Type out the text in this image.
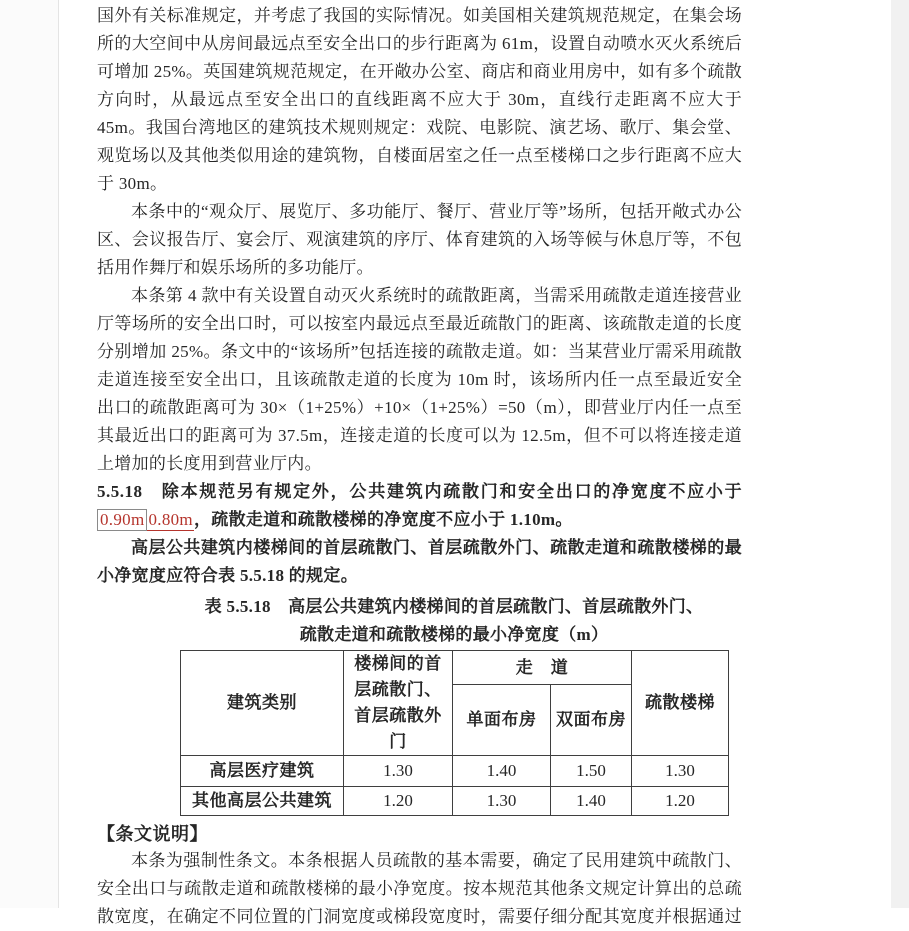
国外有关标准规定，并考虑了我国的实际情况。如美国相关建筑规范规定，在集会场所的大空间中从房间最远点至安全出口的步行距离为 61m，设置自动喷水灭火系统后可增加 25%。英国建筑规范规定，在开敞办公室、商店和商业用房中，如有多个疏散方向时，从最远点至安全出口的直线距离不应大于 30m，直线行走距离不应大于 45m。我国台湾地区的建筑技术规则规定：戏院、电影院、演艺场、歌厅、集会堂、观览场以及其他类似用途的建筑物，自楼面居室之任一点至楼梯口之步行距离不应大于 30m。

本条中的“观众厅、展览厅、多功能厅、餐厅、营业厅等”场所，包括开敞式办公区、会议报告厅、宴会厅、观演建筑的序厅、体育建筑的入场等候与休息厅等，不包括用作舞厅和娱乐场所的多功能厅。

本条第 4 款中有关设置自动灭火系统时的疏散距离，当需采用疏散走道连接营业厅等场所的安全出口时，可以按室内最远点至最近疏散门的距离、该疏散走道的长度分别增加 25%。条文中的“该场所”包括连接的疏散走道。如：当某营业厅需采用疏散走道连接至安全出口，且该疏散走道的长度为 10m 时，该场所内任一点至最近安全出口的疏散距离可为 30×（1+25%）+10×（1+25%）=50（m），即营业厅内任一点至其最近出口的距离可为 37.5m，连接走道的长度可以为 12.5m，但不可以将连接走道上增加的长度用到营业厅内。

5.5.18 除本规范另有规定外，公共建筑内疏散门和安全出口的净宽度不应小于0.90m 0.80m，疏散走道和疏散楼梯的净宽度不应小于 1.10m。

高层公共建筑内楼梯间的首层疏散门、首层疏散外门、疏散走道和疏散楼梯的最小净宽度应符合表 5.5.18 的规定。

表 5.5.18　高层公共建筑内楼梯间的首层疏散门、首层疏散外门、
疏散走道和疏散楼梯的最小净宽度（m）
建筑类别	楼梯间的首层疏散门、首层疏散外门	走　道		疏散楼梯
		单面布房	双面布房	
高层医疗建筑	1.30	1.40	1.50	1.30
其他高层公共建筑	1.20	1.30	1.40	1.20
【条文说明】

本条为强制性条文。本条根据人员疏散的基本需要，确定了民用建筑中疏散门、安全出口与疏散走道和疏散楼梯的最小净宽度。按本规范其他条文规定计算出的总疏散宽度，在确定不同位置的门洞宽度或梯段宽度时，需要仔细分配其宽度并根据通过
